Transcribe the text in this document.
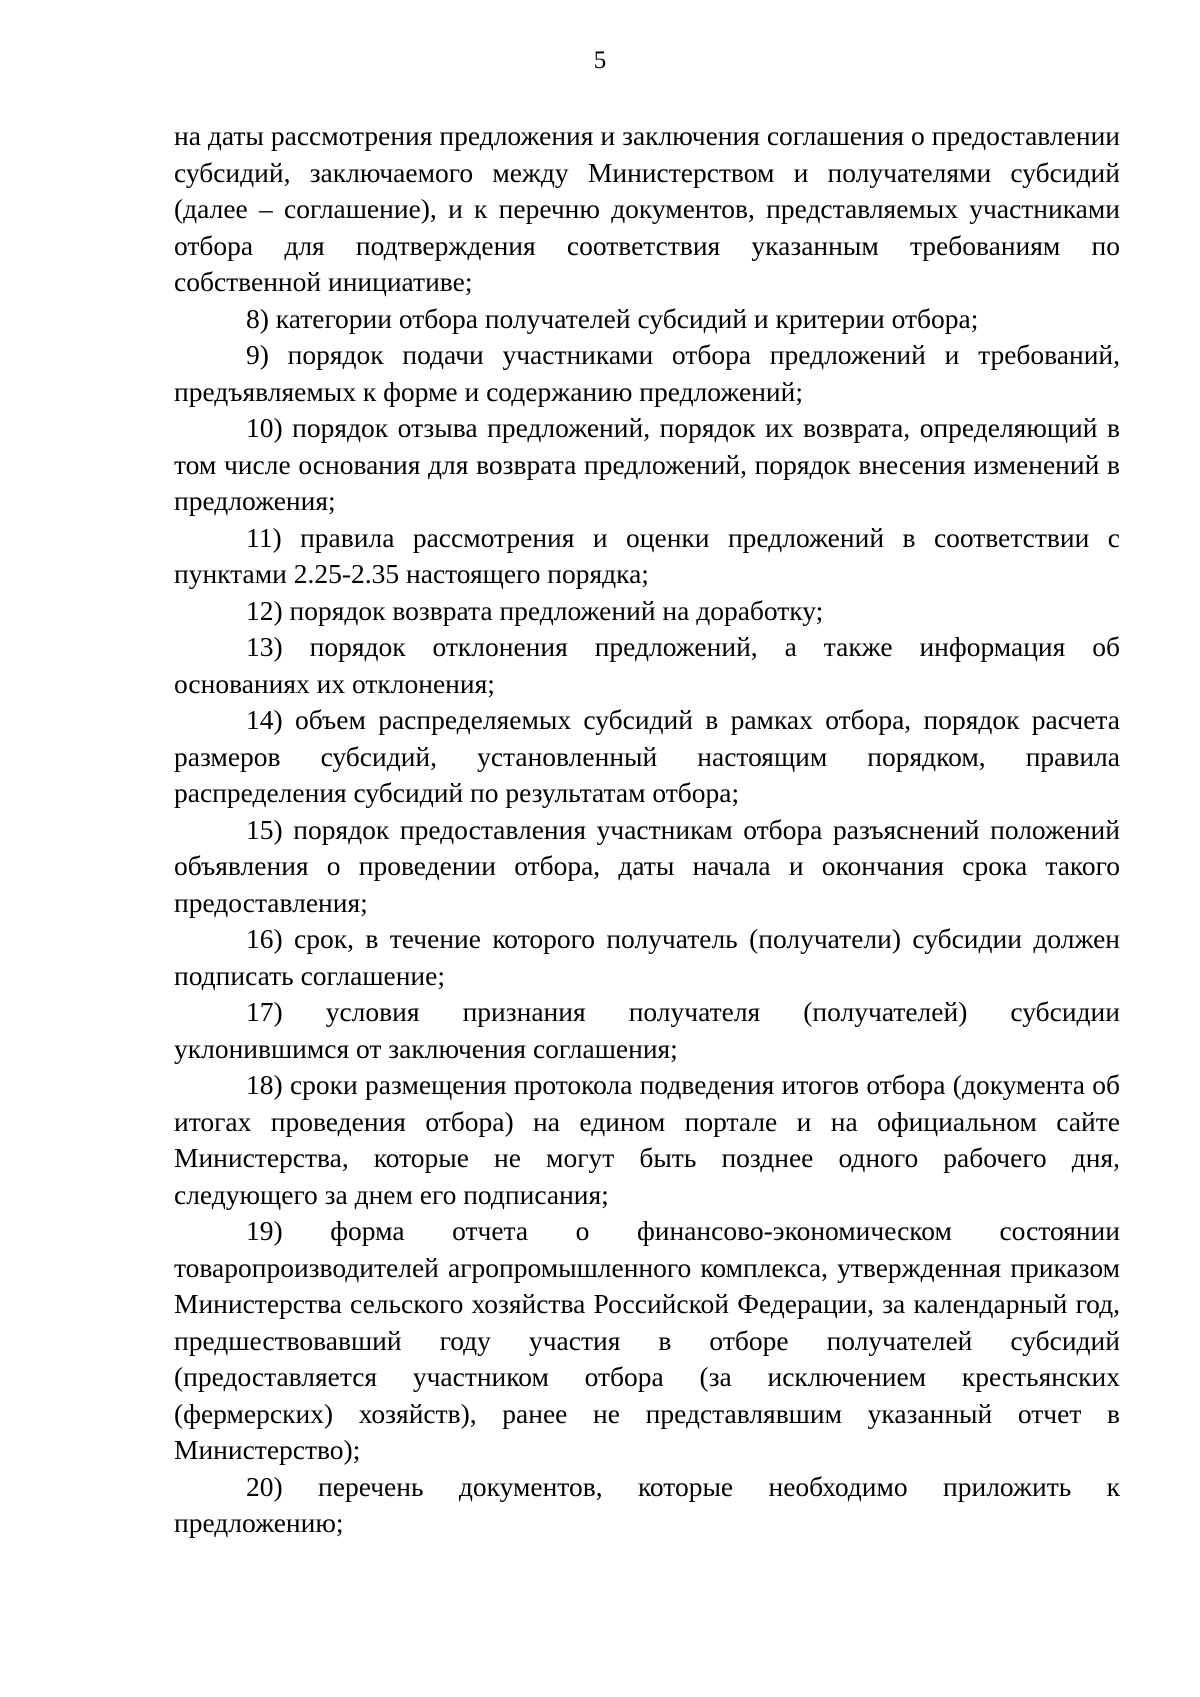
5

на даты рассмотрения предложения и заключения соглашения о предоставлении субсидий, заключаемого между Министерством и получателями субсидий (далее – соглашение), и к перечню документов, представляемых участниками отбора для подтверждения соответствия указанным требованиям по собственной инициативе;

8) категории отбора получателей субсидий и критерии отбора;

9) порядок подачи участниками отбора предложений и требований, предъявляемых к форме и содержанию предложений;

10) порядок отзыва предложений, порядок их возврата, определяющий в том числе основания для возврата предложений, порядок внесения изменений в предложения;

11) правила рассмотрения и оценки предложений в соответствии с пунктами 2.25-2.35 настоящего порядка;

12) порядок возврата предложений на доработку;

13) порядок отклонения предложений, а также информация об основаниях их отклонения;

14) объем распределяемых субсидий в рамках отбора, порядок расчета размеров субсидий, установленный настоящим порядком, правила распределения субсидий по результатам отбора;

15) порядок предоставления участникам отбора разъяснений положений объявления о проведении отбора, даты начала и окончания срока такого предоставления;

16) срок, в течение которого получатель (получатели) субсидии должен подписать соглашение;

17) условия признания получателя (получателей) субсидии уклонившимся от заключения соглашения;

18) сроки размещения протокола подведения итогов отбора (документа об итогах проведения отбора) на едином портале и на официальном сайте Министерства, которые не могут быть позднее одного рабочего дня, следующего за днем его подписания;

19) форма отчета о финансово-экономическом состоянии товаропроизводителей агропромышленного комплекса, утвержденная приказом Министерства сельского хозяйства Российской Федерации, за календарный год, предшествовавший году участия в отборе получателей субсидий (предоставляется участником отбора (за исключением крестьянских (фермерских) хозяйств), ранее не представлявшим указанный отчет в Министерство);

20) перечень документов, которые необходимо приложить к предложению;
